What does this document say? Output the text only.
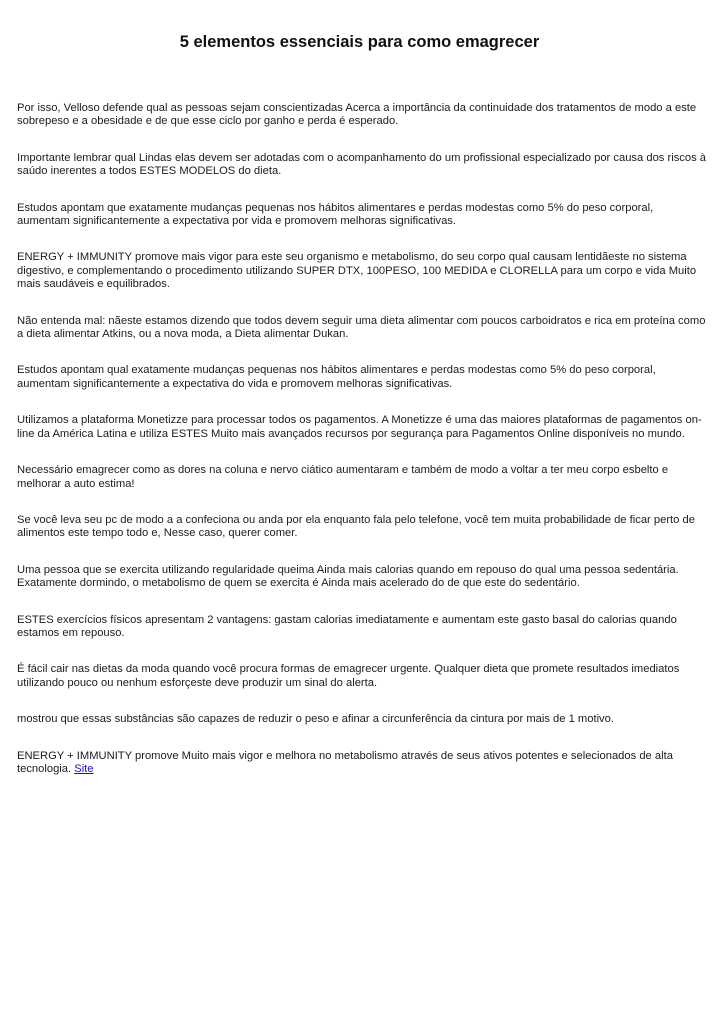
5 elementos essenciais para como emagrecer

Por isso, Velloso defende qual as pessoas sejam conscientizadas Acerca a importância da continuidade dos tratamentos de modo a este sobrepeso e a obesidade e de que esse ciclo por ganho e perda é esperado.

Importante lembrar qual Lindas elas devem ser adotadas com o acompanhamento do um profissional especializado por causa dos riscos à saúdo inerentes a todos ESTES MODELOS do dieta.

Estudos apontam que exatamente mudanças pequenas nos hábitos alimentares e perdas modestas como 5% do peso corporal, aumentam significantemente a expectativa por vida e promovem melhoras significativas.

ENERGY + IMMUNITY promove mais vigor para este seu organismo e metabolismo, do seu corpo qual causam lentidãeste no sistema digestivo, e complementando o procedimento utilizando SUPER DTX, 100PESO, 100 MEDIDA e CLORELLA para um corpo e vida Muito mais saudáveis e equilibrados.

Não entenda mal: nãeste estamos dizendo que todos devem seguir uma dieta alimentar com poucos carboidratos e rica em proteína como a dieta alimentar Atkins, ou a nova moda, a Dieta alimentar Dukan.

Estudos apontam qual exatamente mudanças pequenas nos hábitos alimentares e perdas modestas como 5% do peso corporal, aumentam significantemente a expectativa do vida e promovem melhoras significativas.

Utilizamos a plataforma Monetizze para processar todos os pagamentos. A Monetizze é uma das maiores plataformas de pagamentos on-line da América Latina e utiliza ESTES Muito mais avançados recursos por segurança para Pagamentos Online disponíveis no mundo.

Necessário emagrecer como as dores na coluna e nervo ciático aumentaram e também de modo a voltar a ter meu corpo esbelto e melhorar a auto estima!

Se você leva seu pc de modo a a confeciona ou anda por ela enquanto fala pelo telefone, você tem muita probabilidade de ficar perto de alimentos este tempo todo e, Nesse caso, querer comer.

Uma pessoa que se exercita utilizando regularidade queima Ainda mais calorias quando em repouso do qual uma pessoa sedentária. Exatamente dormindo, o metabolismo de quem se exercita é Ainda mais acelerado do de que este do sedentário.

ESTES exercícios físicos apresentam 2 vantagens: gastam calorias imediatamente e aumentam este gasto basal do calorias quando estamos em repouso.

É fácil cair nas dietas da moda quando você procura formas de emagrecer urgente. Qualquer dieta que promete resultados imediatos utilizando pouco ou nenhum esforçeste deve produzir um sinal do alerta.

mostrou que essas substâncias são capazes de reduzir o peso e afinar a circunferência da cintura por mais de 1 motivo.

ENERGY + IMMUNITY promove Muito mais vigor e melhora no metabolismo através de seus ativos potentes e selecionados de alta tecnologia. Site
